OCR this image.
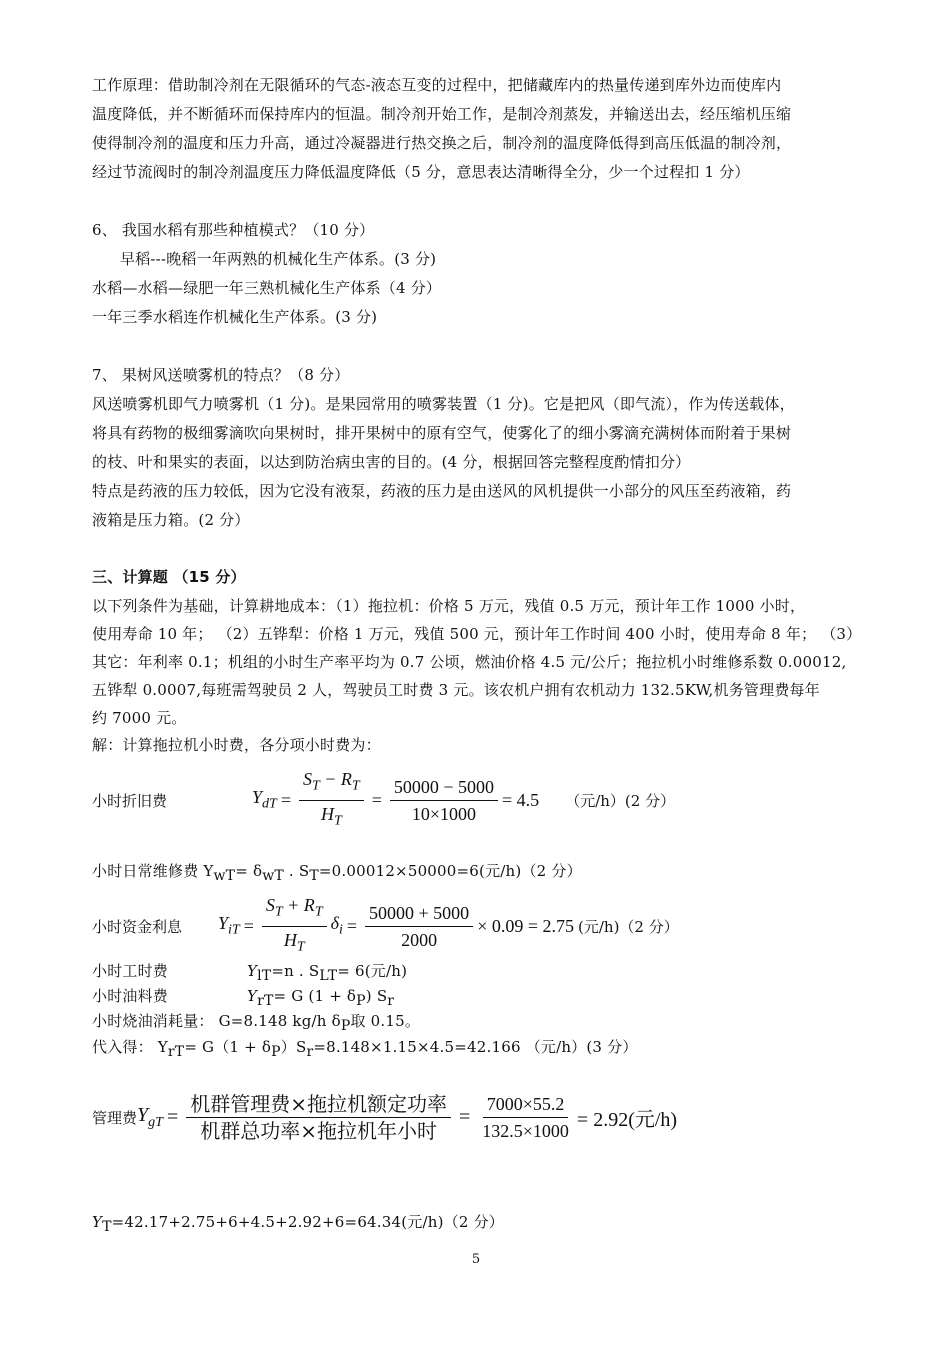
工作原理：借助制冷剂在无限循环的气态-液态互变的过程中，把储藏库内的热量传递到库外边而使库内
温度降低，并不断循环而保持库内的恒温。制冷剂开始工作，是制冷剂蒸发，并输送出去，经压缩机压缩
使得制冷剂的温度和压力升高，通过冷凝器进行热交换之后，制冷剂的温度降低得到高压低温的制冷剂，
经过节流阀时的制冷剂温度压力降低温度降低（5 分，意思表达清晰得全分，少一个过程扣 1 分）
6、 我国水稻有那些种植模式？（10 分）
早稻---晚稻一年两熟的机械化生产体系。(3 分)
水稻—水稻—绿肥一年三熟机械化生产体系（4 分）
一年三季水稻连作机械化生产体系。(3 分)
7、 果树风送喷雾机的特点？（8 分）
风送喷雾机即气力喷雾机（1 分)。是果园常用的喷雾装置（1 分)。它是把风（即气流），作为传送载体，
将具有药物的极细雾滴吹向果树时，排开果树中的原有空气，使雾化了的细小雾滴充满树体而附着于果树
的枝、叶和果实的表面，以达到防治病虫害的目的。(4 分，根据回答完整程度酌情扣分）
特点是药液的压力较低，因为它没有液泵，药液的压力是由送风的风机提供一小部分的风压至药液箱，药
液箱是压力箱。(2 分）
三、计算题 （15 分）
以下列条件为基础，计算耕地成本：（1）拖拉机：价格 5 万元，残值 0.5 万元，预计年工作 1000 小时，
使用寿命 10 年； （2）五铧犁：价格 1 万元，残值 500 元，预计年工作时间 400 小时，使用寿命 8 年； （3）
其它：年利率 0.1；机组的小时生产率平均为 0.7 公顷，燃油价格 4.5 元/公斤；拖拉机小时维修系数 0.00012,
五铧犁 0.0007,每班需驾驶员 2 人，驾驶员工时费 3 元。该农机户拥有农机动力 132.5KW,机务管理费每年
约 7000 元。
解：计算拖拉机小时费，各分项小时费为：
小时折旧费	$Y_{dT} = \frac{S_T - R_T}{H_T} = \frac{50000 - 5000}{10\times 1000} = 4.5$ （元/h）(2 分）
小时日常维修费 $Y_{wT}= \delta_{wT}$ . $S_T=0.00012\times 50000=6$(元/h)（2 分）
小时资金利息	$Y_{iT} = \frac{S_T + R_T}{H_T} \delta_i = \frac{50000 + 5000}{2000} \times 0.09 = 2.75$ (元/h)（2 分）
小时工时费	$Y_{lT}=n$ . $S_{LT}= 6$(元/h)
小时油料费	$Y_{rT}= G$ $(1 + \delta_P)$ $S_r$
小时烧油消耗量： G=8.148 kg/h $\delta_P$取 0.15。
代入得： $Y_{rT}= G(1 + \delta_P)S_r=8.148\times 1.15\times 4.5=42.166$ （元/h）(3 分）
管理费 $Y_{gT} = \frac{\text{机群管理费×拖拉机额定功率}}{\text{机群总功率×拖拉机年小时}} = \frac{7000\times 55.2}{132.5\times 1000} = 2.92$(元/h)
$Y_T=42.17+2.75+6+4.5+2.92+6=64.34$(元/h)（2 分）
5
